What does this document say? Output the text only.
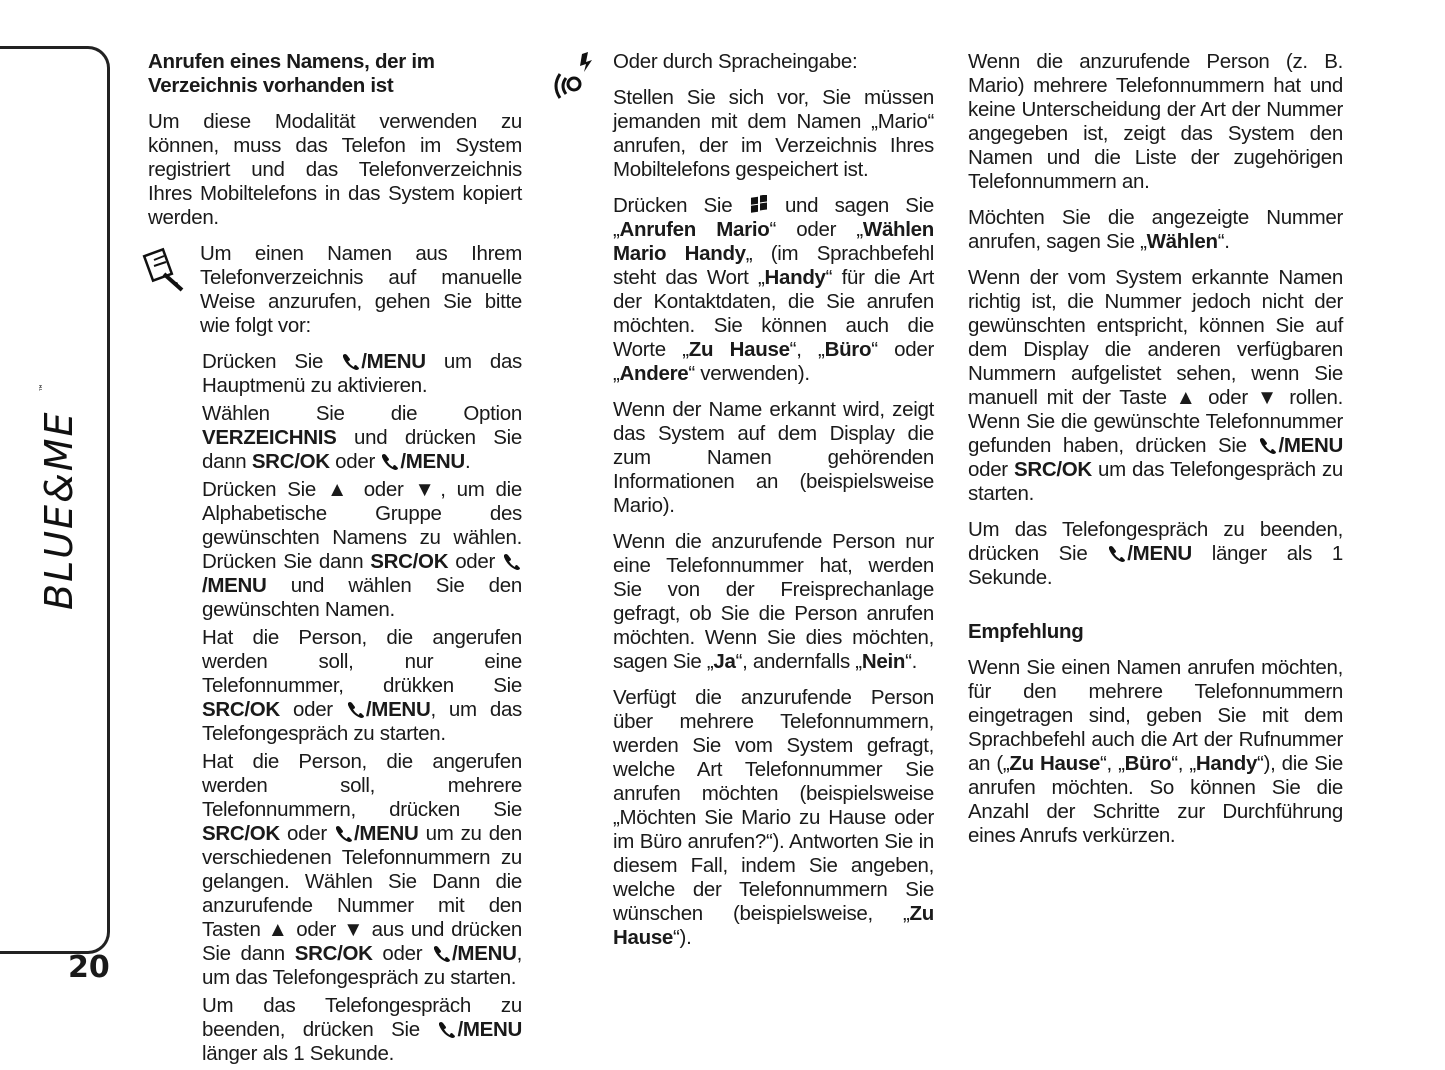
BLUE&ME
™
20

Anrufen eines Namens, der im Verzeichnis vorhanden ist

Um diese Modalität verwenden zu können, muss das Telefon im System registriert und das Telefonverzeichnis Ihres Mobiltelefons in das System kopiert werden.

Um einen Namen aus Ihrem Telefonverzeichnis auf manuelle Weise anzurufen, gehen Sie bitte wie folgt vor:

Drücken Sie /MENU um das Hauptmenü zu aktivieren.

Wählen Sie die Option VERZEICHNIS und drücken Sie dann SRC/OK oder /MENU.

Drücken Sie ▲ oder ▼, um die Alphabetische Gruppe des gewünschten Namens zu wählen. Drücken Sie dann SRC/OK oder /MENU und wählen Sie den gewünschten Namen.

Hat die Person, die angerufen werden soll, nur eine Telefonnummer, drükken Sie SRC/OK oder /MENU, um das Telefongespräch zu starten.

Hat die Person, die angerufen werden soll, mehrere Telefonnummern, drücken Sie SRC/OK oder /MENU um zu den verschiedenen Telefonnummern zu gelangen. Wählen Sie Dann die anzurufende Nummer mit den Tasten ▲ oder ▼ aus und drücken Sie dann SRC/OK oder /MENU, um das Telefongespräch zu starten.

Um das Telefongespräch zu beenden, drücken Sie /MENU länger als 1 Sekunde.

Oder durch Spracheingabe:

Stellen Sie sich vor, Sie müssen jemanden mit dem Namen „Mario“ anrufen, der im Verzeichnis Ihres Mobiltelefons gespeichert ist.

Drücken Sie  und sagen Sie „Anrufen Mario“ oder „Wählen Mario Handy„ (im Sprachbefehl steht das Wort „Handy“ für die Art der Kontaktdaten, die Sie anrufen möchten. Sie können auch die Worte „Zu Hause“, „Büro“ oder „Andere“ verwenden).

Wenn der Name erkannt wird, zeigt das System auf dem Display die zum Namen gehörenden Informationen an (beispielsweise Mario).

Wenn die anzurufende Person nur eine Telefonnummer hat, werden Sie von der Freisprechanlage gefragt, ob Sie die Person anrufen möchten. Wenn Sie dies möchten, sagen Sie „Ja“, andernfalls „Nein“.

Verfügt die anzurufende Person über mehrere Telefonnummern, werden Sie vom System gefragt, welche Art Telefonnummer Sie anrufen möchten (beispielsweise „Möchten Sie Mario zu Hause oder im Büro anrufen?“). Antworten Sie in diesem Fall, indem Sie angeben, welche der Telefonnummern Sie wünschen (beispielsweise, „Zu Hause“).

Wenn die anzurufende Person (z. B. Mario) mehrere Telefonnummern hat und keine Unterscheidung der Art der Nummer angegeben ist, zeigt das System den Namen und die Liste der zugehörigen Telefonnummern an.

Möchten Sie die angezeigte Nummer anrufen, sagen Sie „Wählen“.

Wenn der vom System erkannte Namen richtig ist, die Nummer jedoch nicht der gewünschten entspricht, können Sie auf dem Display die anderen verfügbaren Nummern aufgelistet sehen, wenn Sie manuell mit der Taste ▲ oder ▼ rollen. Wenn Sie die gewünschte Telefonnummer gefunden haben, drücken Sie /MENU oder SRC/OK um das Telefongespräch zu starten.

Um das Telefongespräch zu beenden, drücken Sie /MENU länger als 1 Sekunde.

Empfehlung

Wenn Sie einen Namen anrufen möchten, für den mehrere Telefonnummern eingetragen sind, geben Sie mit dem Sprachbefehl auch die Art der Rufnummer an („Zu Hause“, „Büro“, „Handy“), die Sie anrufen möchten. So können Sie die Anzahl der Schritte zur Durchführung eines Anrufs verkürzen.
